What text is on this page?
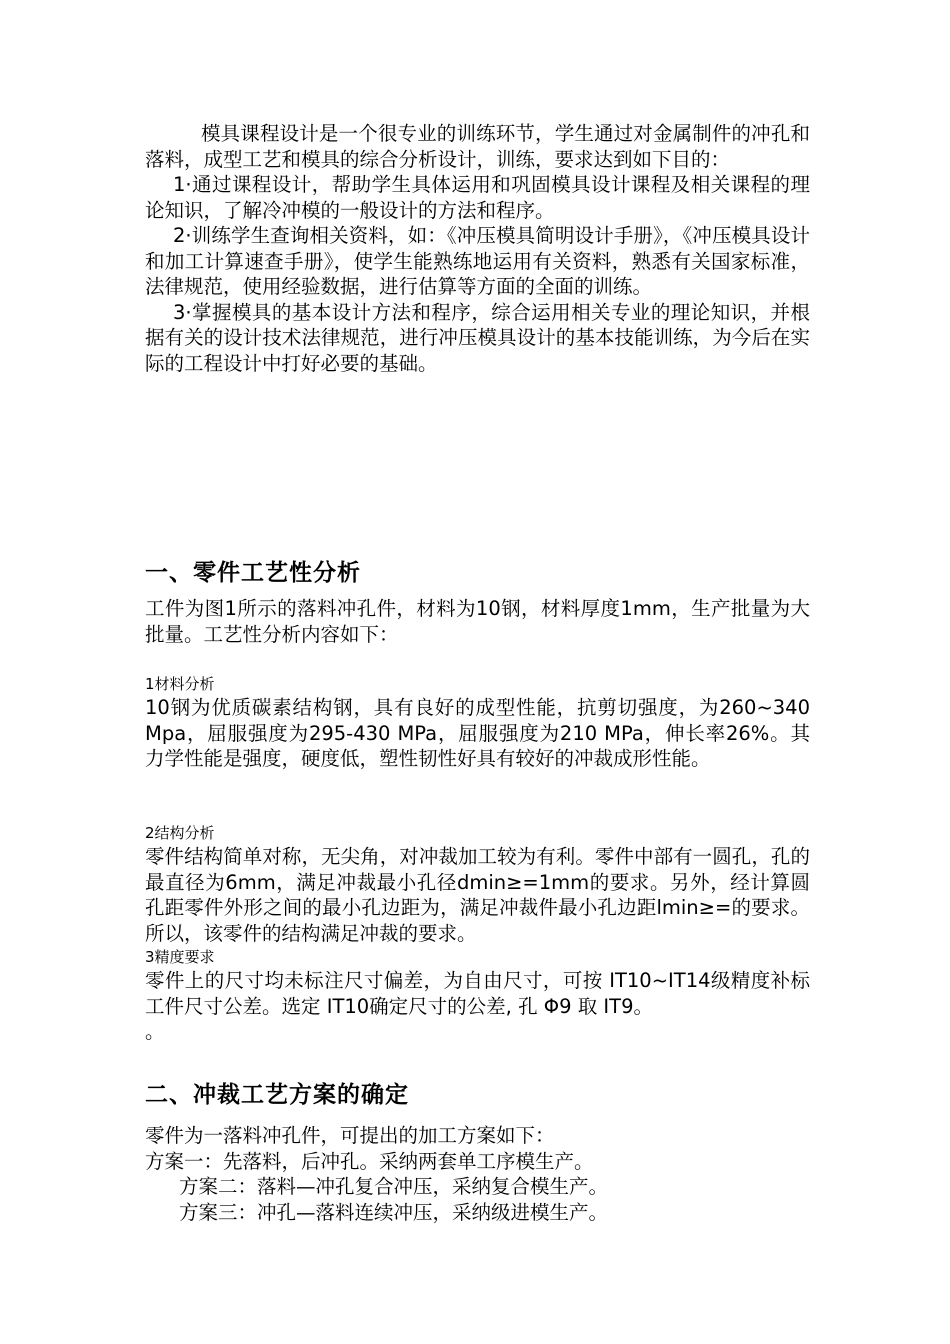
模具课程设计是一个很专业的训练环节，学生通过对金属制件的冲孔和落料，成型工艺和模具的综合分析设计，训练，要求达到如下目的：

1·通过课程设计，帮助学生具体运用和巩固模具设计课程及相关课程的理论知识，了解冷冲模的一般设计的方法和程序。

2·训练学生查询相关资料，如：《冲压模具简明设计手册》，《冲压模具设计和加工计算速查手册》，使学生能熟练地运用有关资料，熟悉有关国家标准，法律规范，使用经验数据，进行估算等方面的全面的训练。

3·掌握模具的基本设计方法和程序，综合运用相关专业的理论知识，并根据有关的设计技术法律规范，进行冲压模具设计的基本技能训练，为今后在实际的工程设计中打好必要的基础。

一、零件工艺性分析

工件为图1所示的落料冲孔件，材料为10钢，材料厚度1mm，生产批量为大批量。工艺性分析内容如下：

1材料分析

10钢为优质碳素结构钢，具有良好的成型性能，抗剪切强度，为260~340 Mpa，屈服强度为295-430 MPa，屈服强度为210 MPa，伸长率26%。其力学性能是强度，硬度低，塑性韧性好具有较好的冲裁成形性能。

2结构分析

零件结构简单对称，无尖角，对冲裁加工较为有利。零件中部有一圆孔，孔的最直径为6mm，满足冲裁最小孔径dmin≥=1mm的要求。另外，经计算圆孔距零件外形之间的最小孔边距为，满足冲裁件最小孔边距lmin≥=的要求。所以，该零件的结构满足冲裁的要求。

3精度要求

零件上的尺寸均未标注尺寸偏差，为自由尺寸，可按 IT10~IT14级精度补标工件尺寸公差。选定 IT10确定尺寸的公差, 孔 Φ9 取 IT9。

。

二、冲裁工艺方案的确定

零件为一落料冲孔件，可提出的加工方案如下：

方案一：先落料，后冲孔。采纳两套单工序模生产。

方案二：落料—冲孔复合冲压，采纳复合模生产。

方案三：冲孔—落料连续冲压，采纳级进模生产。
